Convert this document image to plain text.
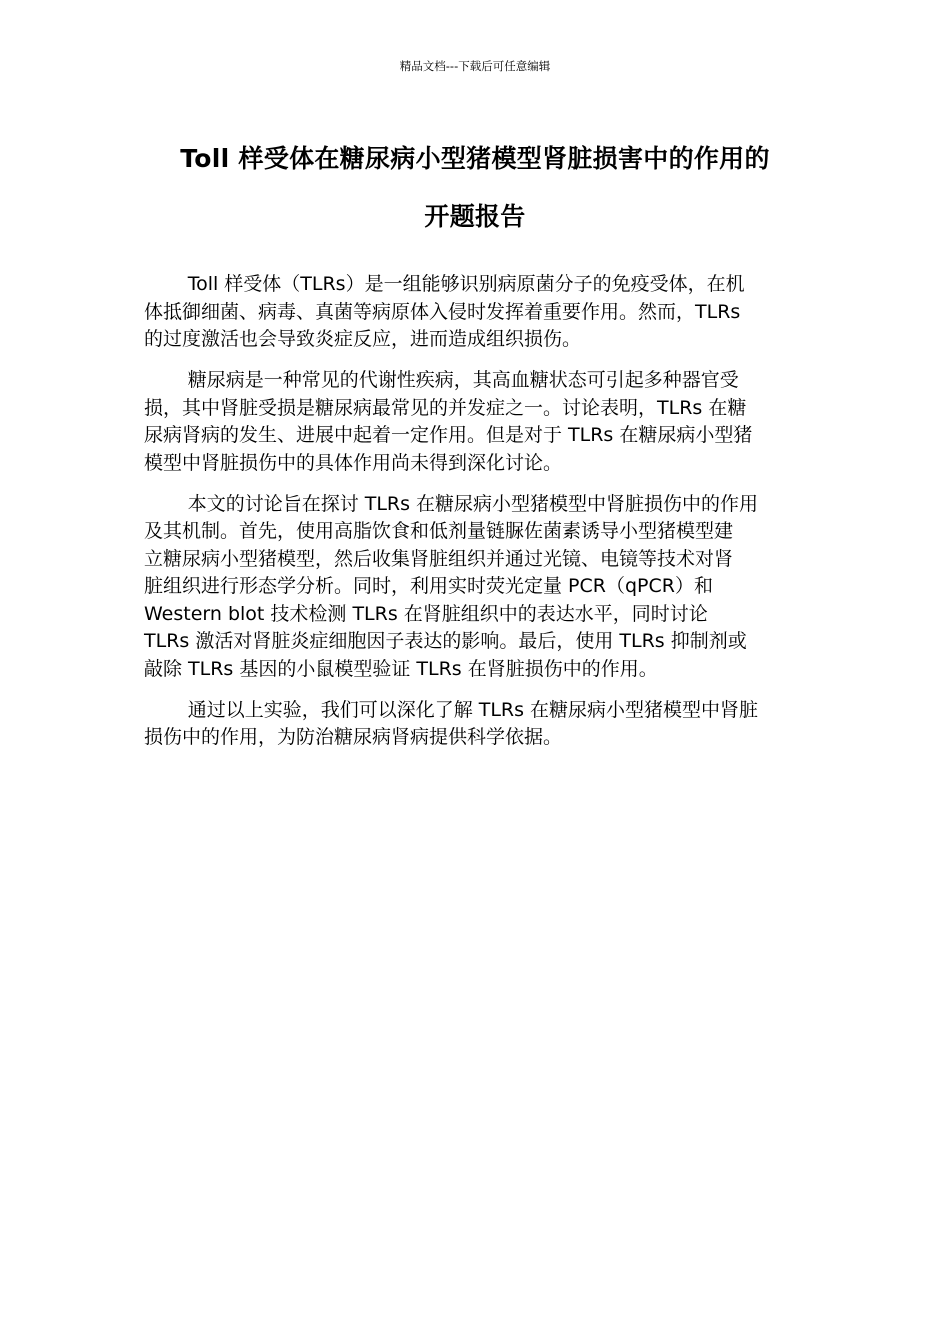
精品文档---下载后可任意编辑
Toll 样受体在糖尿病小型猪模型肾脏损害中的作用的
开题报告

Toll 样受体（TLRs）是一组能够识别病原菌分子的免疫受体，在机
体抵御细菌、病毒、真菌等病原体入侵时发挥着重要作用。然而，TLRs
的过度激活也会导致炎症反应，进而造成组织损伤。

糖尿病是一种常见的代谢性疾病，其高血糖状态可引起多种器官受
损，其中肾脏受损是糖尿病最常见的并发症之一。讨论表明，TLRs 在糖
尿病肾病的发生、进展中起着一定作用。但是对于 TLRs 在糖尿病小型猪
模型中肾脏损伤中的具体作用尚未得到深化讨论。

本文的讨论旨在探讨 TLRs 在糖尿病小型猪模型中肾脏损伤中的作用
及其机制。首先，使用高脂饮食和低剂量链脲佐菌素诱导小型猪模型建
立糖尿病小型猪模型，然后收集肾脏组织并通过光镜、电镜等技术对肾
脏组织进行形态学分析。同时，利用实时荧光定量 PCR（qPCR）和
Western blot 技术检测 TLRs 在肾脏组织中的表达水平，同时讨论
TLRs 激活对肾脏炎症细胞因子表达的影响。最后，使用 TLRs 抑制剂或
敲除 TLRs 基因的小鼠模型验证 TLRs 在肾脏损伤中的作用。

通过以上实验，我们可以深化了解 TLRs 在糖尿病小型猪模型中肾脏
损伤中的作用，为防治糖尿病肾病提供科学依据。
